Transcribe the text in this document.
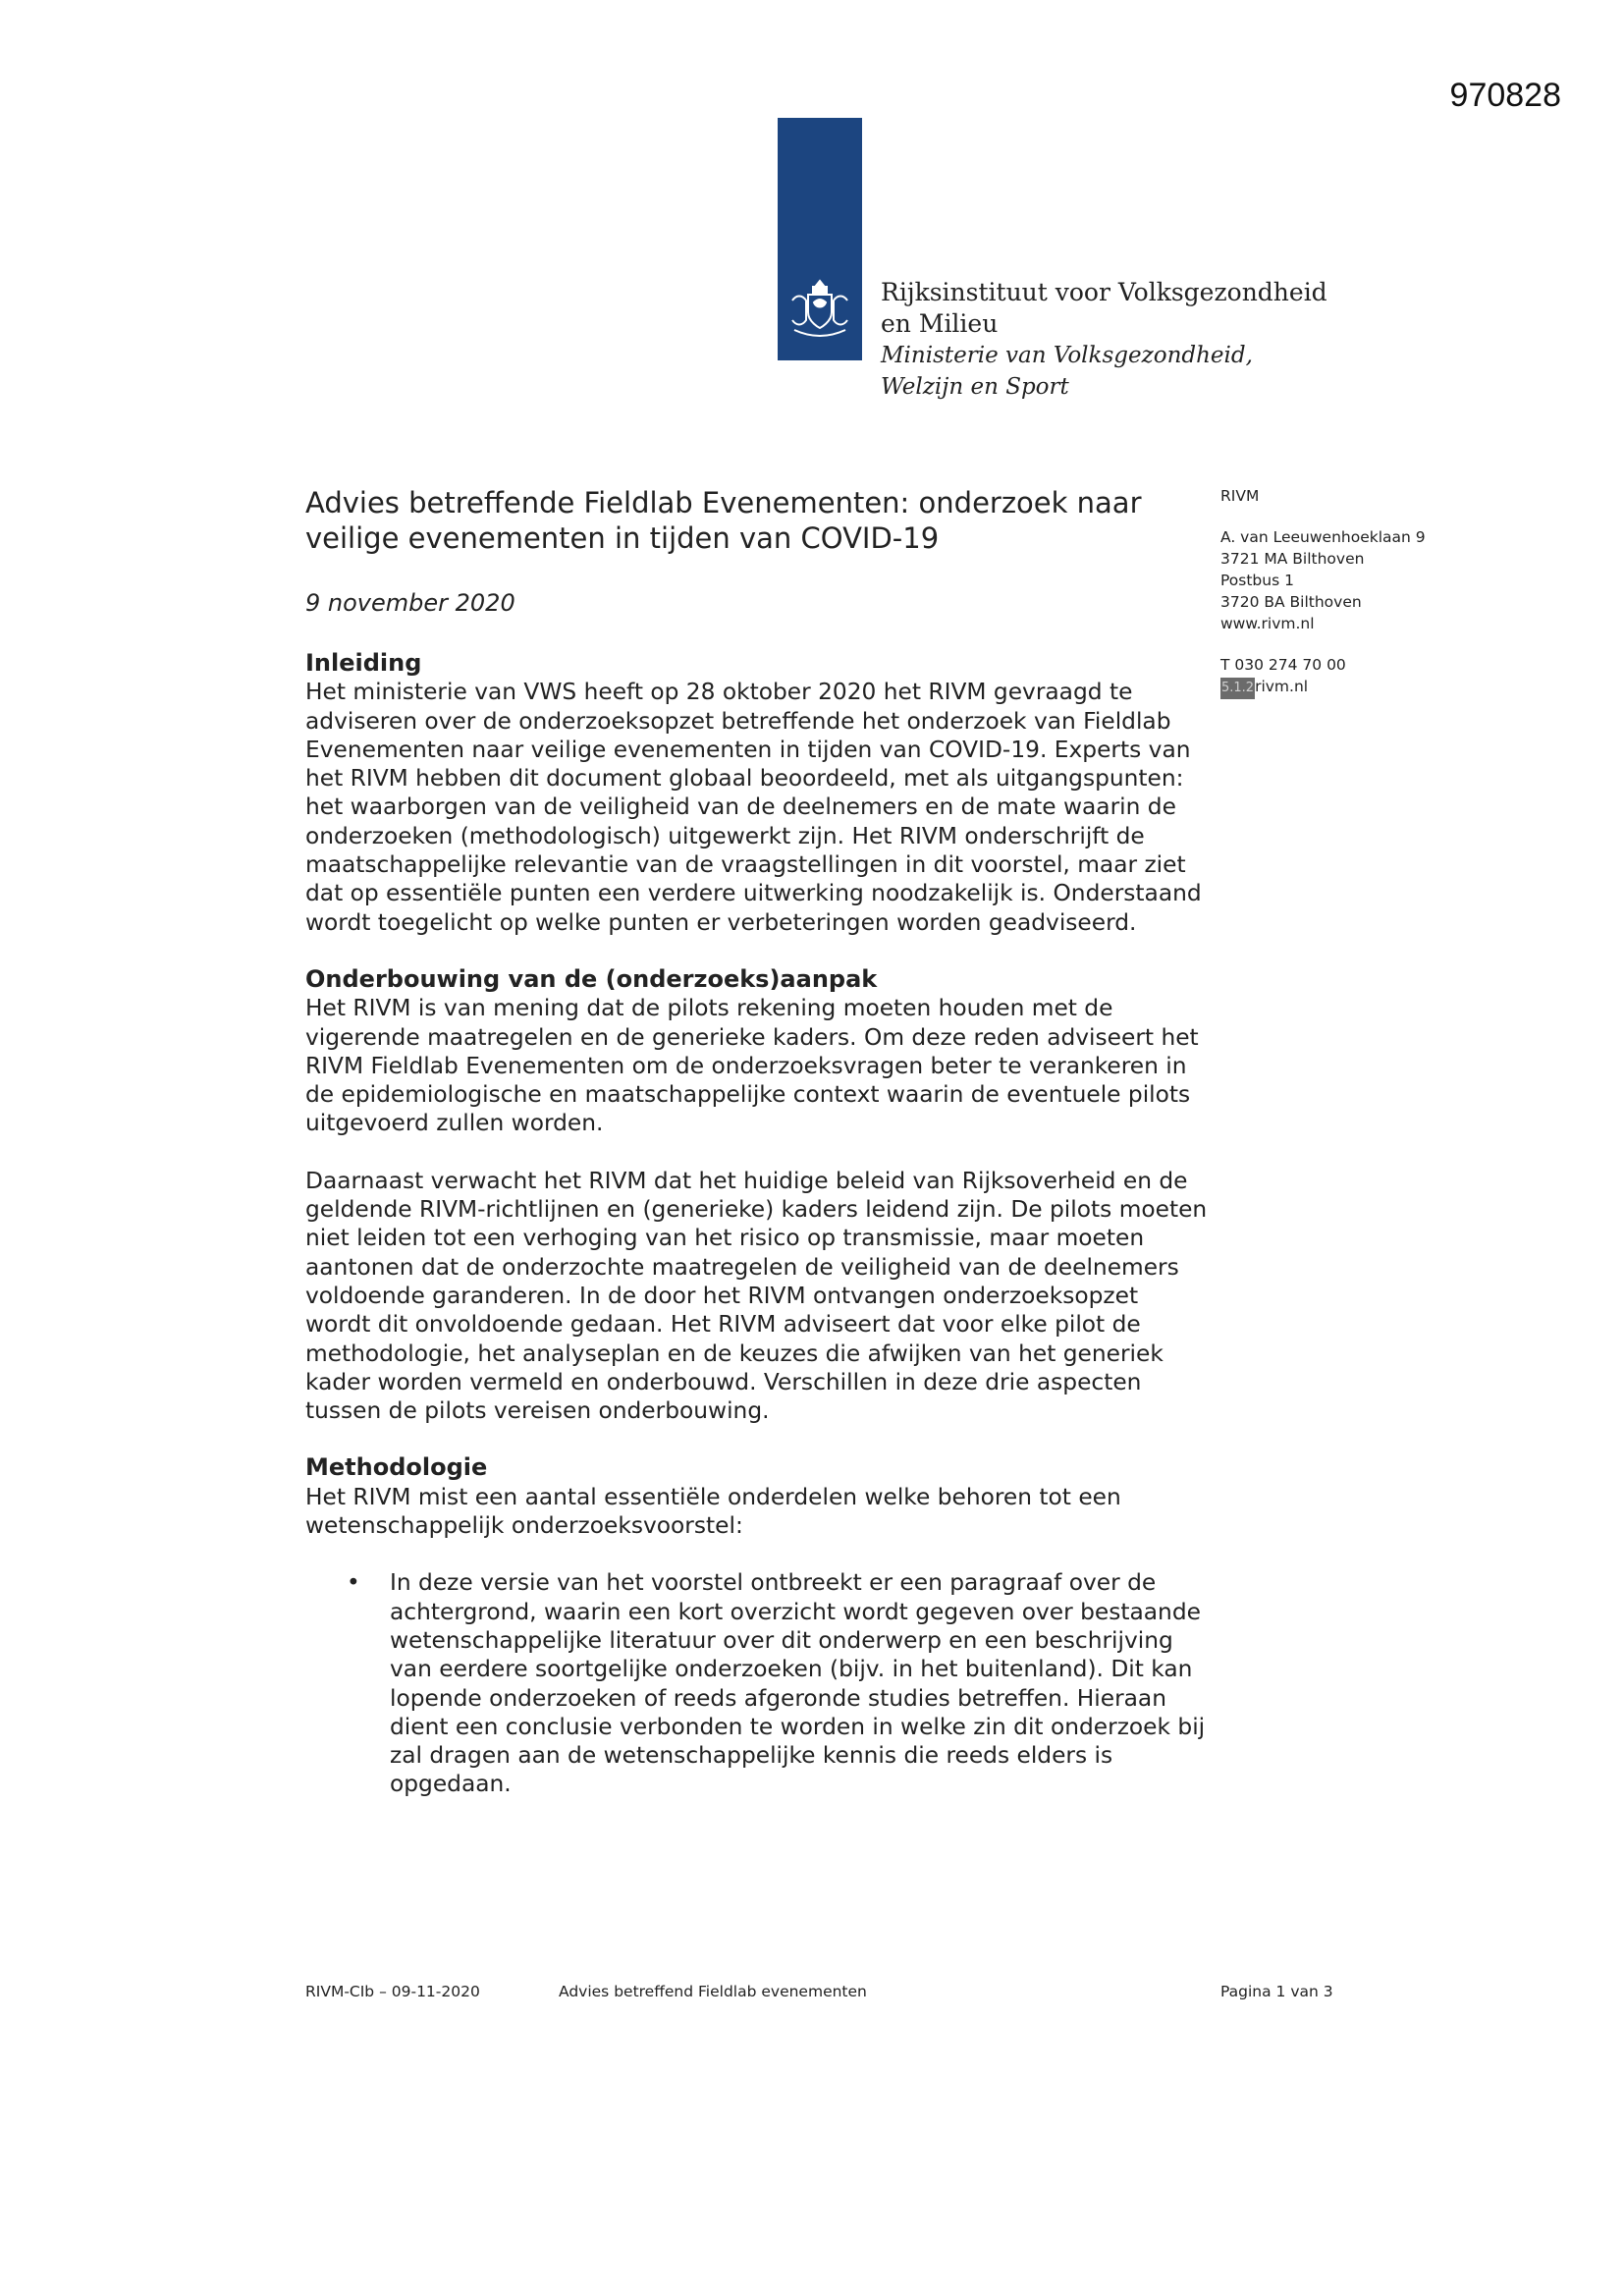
970828
Rijksinstituut voor Volksgezondheid
en Milieu
Ministerie van Volksgezondheid,
Welzijn en Sport
Advies betreffende Fieldlab Evenementen: onderzoek naar veilige evenementen in tijden van COVID-19
9 november 2020
RIVM
A. van Leeuwenhoeklaan 9
3721 MA Bilthoven
Postbus 1
3720 BA Bilthoven
www.rivm.nl
T 030 274 70 00
5.1.2rivm.nl
Inleiding

Het ministerie van VWS heeft op 28 oktober 2020 het RIVM gevraagd te adviseren over de onderzoeksopzet betreffende het onderzoek van Fieldlab Evenementen naar veilige evenementen in tijden van COVID-19. Experts van het RIVM hebben dit document globaal beoordeeld, met als uitgangspunten: het waarborgen van de veiligheid van de deelnemers en de mate waarin de onderzoeken (methodologisch) uitgewerkt zijn. Het RIVM onderschrijft de maatschappelijke relevantie van de vraagstellingen in dit voorstel, maar ziet dat op essentiële punten een verdere uitwerking noodzakelijk is. Onderstaand wordt toegelicht op welke punten er verbeteringen worden geadviseerd.

Onderbouwing van de (onderzoeks)aanpak

Het RIVM is van mening dat de pilots rekening moeten houden met de vigerende maatregelen en de generieke kaders. Om deze reden adviseert het RIVM Fieldlab Evenementen om de onderzoeksvragen beter te verankeren in de epidemiologische en maatschappelijke context waarin de eventuele pilots uitgevoerd zullen worden.

Daarnaast verwacht het RIVM dat het huidige beleid van Rijksoverheid en de geldende RIVM-richtlijnen en (generieke) kaders leidend zijn. De pilots moeten niet leiden tot een verhoging van het risico op transmissie, maar moeten aantonen dat de onderzochte maatregelen de veiligheid van de deelnemers voldoende garanderen. In de door het RIVM ontvangen onderzoeksopzet wordt dit onvoldoende gedaan. Het RIVM adviseert dat voor elke pilot de methodologie, het analyseplan en de keuzes die afwijken van het generiek kader worden vermeld en onderbouwd. Verschillen in deze drie aspecten tussen de pilots vereisen onderbouwing.

Methodologie

Het RIVM mist een aantal essentiële onderdelen welke behoren tot een wetenschappelijk onderzoeksvoorstel:

• In deze versie van het voorstel ontbreekt er een paragraaf over de achtergrond, waarin een kort overzicht wordt gegeven over bestaande wetenschappelijke literatuur over dit onderwerp en een beschrijving van eerdere soortgelijke onderzoeken (bijv. in het buitenland). Dit kan lopende onderzoeken of reeds afgeronde studies betreffen. Hieraan dient een conclusie verbonden te worden in welke zin dit onderzoek bij zal dragen aan de wetenschappelijke kennis die reeds elders is opgedaan.
RIVM-CIb – 09-11-2020	Advies betreffend Fieldlab evenementen	Pagina 1 van 3
